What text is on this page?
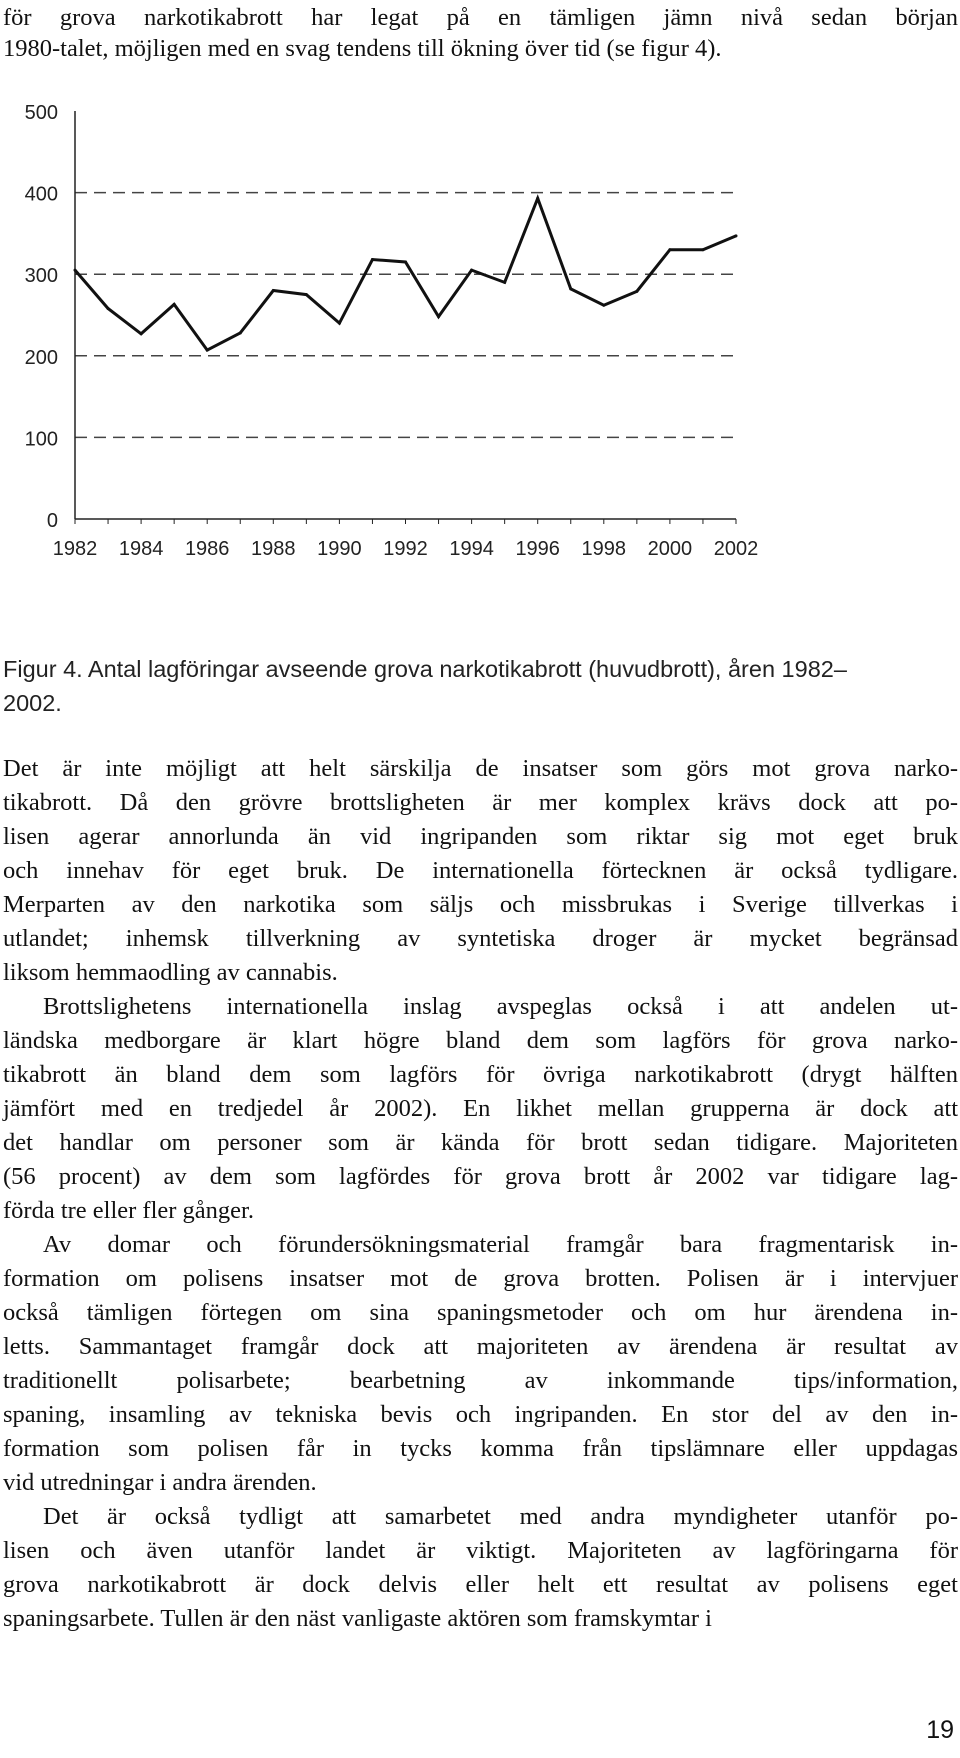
för grova narkotikabrott har legat på en tämligen jämn nivå sedan början
1980-talet, möjligen med en svag tendens till ökning över tid (se figur 4).
0
100
200
300
400
500
1982 1984 1986 1988 1990 1992 1994 1996 1998 2000 2002
Figur 4. Antal lagföringar avseende grova narkotikabrott (huvudbrott), åren 1982–
2002.
Det är inte möjligt att helt särskilja de insatser som görs mot grova narko-
tikabrott. Då den grövre brottsligheten är mer komplex krävs dock att po-
lisen agerar annorlunda än vid ingripanden som riktar sig mot eget bruk
och innehav för eget bruk. De internationella förtecknen är också tydligare.
Merparten av den narkotika som säljs och missbrukas i Sverige tillverkas i
utlandet; inhemsk tillverkning av syntetiska droger är mycket begränsad
liksom hemmaodling av cannabis.
Brottslighetens internationella inslag avspeglas också i att andelen ut-
ländska medborgare är klart högre bland dem som lagförs för grova narko-
tikabrott än bland dem som lagförs för övriga narkotikabrott (drygt hälften
jämfört med en tredjedel år 2002). En likhet mellan grupperna är dock att
det handlar om personer som är kända för brott sedan tidigare. Majoriteten
(56 procent) av dem som lagfördes för grova brott år 2002 var tidigare lag-
förda tre eller fler gånger.
Av domar och förundersökningsmaterial framgår bara fragmentarisk in-
formation om polisens insatser mot de grova brotten. Polisen är i intervjuer
också tämligen förtegen om sina spaningsmetoder och om hur ärendena in-
letts. Sammantaget framgår dock att majoriteten av ärendena är resultat av
traditionellt polisarbete; bearbetning av inkommande tips/information,
spaning, insamling av tekniska bevis och ingripanden. En stor del av den in-
formation som polisen får in tycks komma från tipslämnare eller uppdagas
vid utredningar i andra ärenden.
Det är också tydligt att samarbetet med andra myndigheter utanför po-
lisen och även utanför landet är viktigt. Majoriteten av lagföringarna för
grova narkotikabrott är dock delvis eller helt ett resultat av polisens eget
spaningsarbete. Tullen är den näst vanligaste aktören som framskymtar i
19
